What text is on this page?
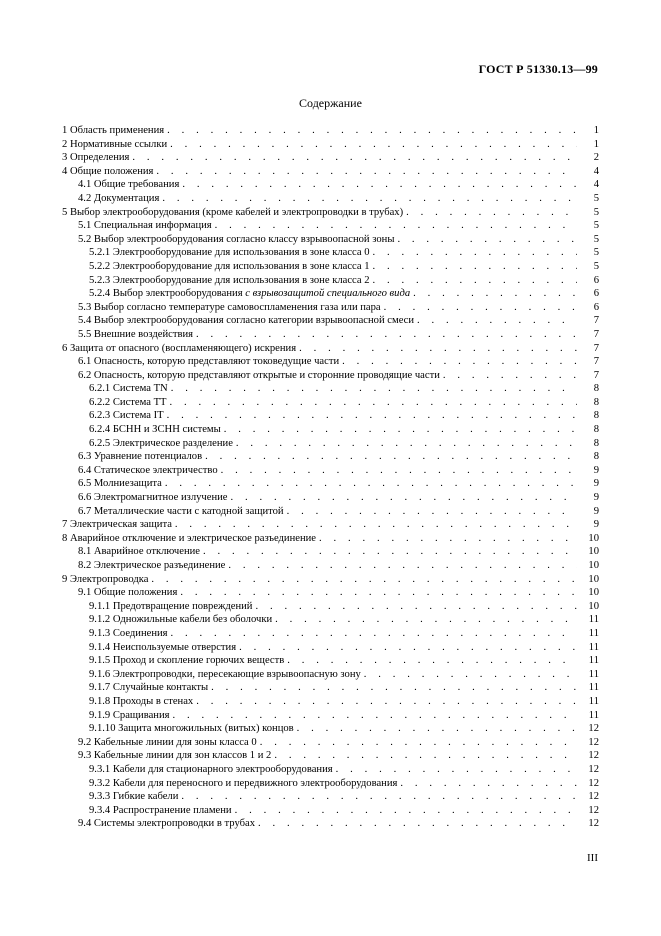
ГОСТ Р 51330.13—99
Содержание
1 Область применения . . .	1
2 Нормативные ссылки . . .	1
3 Определения . . .	2
4 Общие положения . . .	4
4.1 Общие требования . . .	4
4.2 Документация . . .	5
5 Выбор электрооборудования (кроме кабелей и электропроводки в трубах) . . .	5
5.1 Специальная информация . . .	5
5.2 Выбор электрооборудования согласно классу взрывоопасной зоны . . .	5
5.2.1 Электрооборудование для использования в зоне класса 0 . . .	5
5.2.2 Электрооборудование для использования в зоне класса 1 . . .	5
5.2.3 Электрооборудование для использования в зоне класса 2 . . .	6
5.2.4 Выбор электрооборудования с взрывозащитой специального вида . . .	6
5.3 Выбор согласно температуре самовоспламенения газа или пара . . .	6
5.4 Выбор электрооборудования согласно категории взрывоопасной смеси . . .	7
5.5 Внешние воздействия . . .	7
6 Защита от опасного (воспламеняющего) искрения . . .	7
6.1 Опасность, которую представляют токоведущие части . . .	7
6.2 Опасность, которую представляют открытые и сторонние проводящие части . . .	7
6.2.1 Система TN . . .	8
6.2.2 Система ТТ . . .	8
6.2.3 Система IT . . .	8
6.2.4 БСНН и ЗСНН системы . . .	8
6.2.5 Электрическое разделение . . .	8
6.3 Уравнение потенциалов . . .	8
6.4 Статическое электричество . . .	9
6.5 Молниезащита . . .	9
6.6 Электромагнитное излучение . . .	9
6.7 Металлические части с катодной защитой . . .	9
7 Электрическая защита . . .	9
8 Аварийное отключение и электрическое разъединение . . .	10
8.1 Аварийное отключение . . .	10
8.2 Электрическое разъединение . . .	10
9 Электропроводка . . .	10
9.1 Общие положения . . .	10
9.1.1 Предотвращение повреждений . . .	10
9.1.2 Одножильные кабели без оболочки . . .	11
9.1.3 Соединения . . .	11
9.1.4 Неиспользуемые отверстия . . .	11
9.1.5 Проход и скопление горючих веществ . . .	11
9.1.6 Электропроводки, пересекающие взрывоопасную зону . . .	11
9.1.7 Случайные контакты . . .	11
9.1.8 Проходы в стенах . . .	11
9.1.9 Сращивания . . .	11
9.1.10 Защита многожильных (витых) концов . . .	12
9.2 Кабельные линии для зоны класса 0 . . .	12
9.3 Кабельные линии для зон классов 1 и 2 . . .	12
9.3.1 Кабели для стационарного электрооборудования . . .	12
9.3.2 Кабели для переносного и передвижного электрооборудования . . .	12
9.3.3 Гибкие кабели . . .	12
9.3.4 Распространение пламени . . .	12
9.4 Системы электропроводки в трубах . . .	12
III
